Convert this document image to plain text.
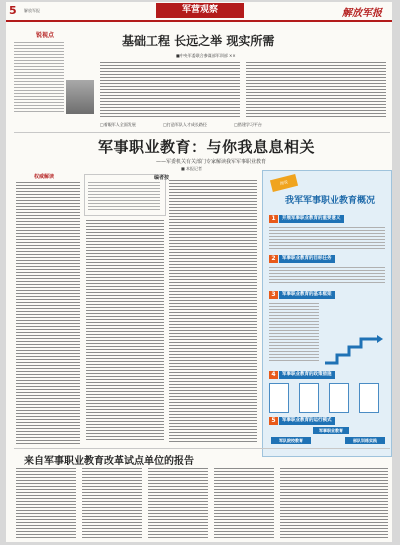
5 解放军报	军营观察	解放军报
锐视点	基础工程 长远之举 现实所需
■中央军委联合参谋部军训部 ××
□着眼军人全面发展	□打造军队人才成长路径	□搭建学习平台
军事职业教育：与你我息息相关
——军委机关有关部门专家解读我军军事职业教育
■ 本报记者
权威解读	编者按
图说
我军军事职业教育概况
1	开展军事职业教育的重要意义
2	军事职业教育的目标任务
3	军事职业教育的基本框架
4	军事职业教育的政策措施
5	军事职业教育的运行模式
军事职业教育
军队院校教育	部队训练实践
来自军事职业教育改革试点单位的报告
